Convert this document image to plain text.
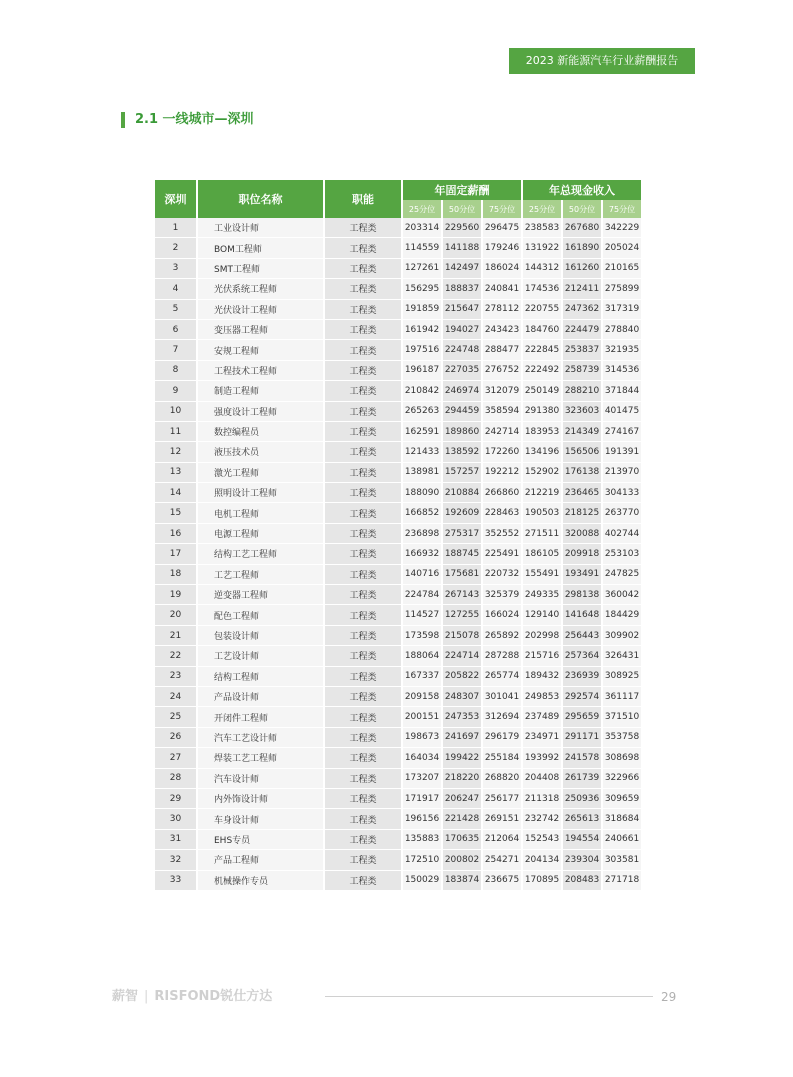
2023 新能源汽车行业薪酬报告
2.1 一线城市—深圳
深圳	职位名称	职能	年固定薪酬			年总现金收入		
			25分位	50分位	75分位	25分位	50分位	75分位
1	工业设计师	工程类	203314	229560	296475	238583	267680	342229
2	BOM工程师	工程类	114559	141188	179246	131922	161890	205024
3	SMT工程师	工程类	127261	142497	186024	144312	161260	210165
4	光伏系统工程师	工程类	156295	188837	240841	174536	212411	275899
5	光伏设计工程师	工程类	191859	215647	278112	220755	247362	317319
6	变压器工程师	工程类	161942	194027	243423	184760	224479	278840
7	安规工程师	工程类	197516	224748	288477	222845	253837	321935
8	工程技术工程师	工程类	196187	227035	276752	222492	258739	314536
9	制造工程师	工程类	210842	246974	312079	250149	288210	371844
10	强度设计工程师	工程类	265263	294459	358594	291380	323603	401475
11	数控编程员	工程类	162591	189860	242714	183953	214349	274167
12	液压技术员	工程类	121433	138592	172260	134196	156506	191391
13	激光工程师	工程类	138981	157257	192212	152902	176138	213970
14	照明设计工程师	工程类	188090	210884	266860	212219	236465	304133
15	电机工程师	工程类	166852	192609	228463	190503	218125	263770
16	电源工程师	工程类	236898	275317	352552	271511	320088	402744
17	结构工艺工程师	工程类	166932	188745	225491	186105	209918	253103
18	工艺工程师	工程类	140716	175681	220732	155491	193491	247825
19	逆变器工程师	工程类	224784	267143	325379	249335	298138	360042
20	配色工程师	工程类	114527	127255	166024	129140	141648	184429
21	包装设计师	工程类	173598	215078	265892	202998	256443	309902
22	工艺设计师	工程类	188064	224714	287288	215716	257364	326431
23	结构工程师	工程类	167337	205822	265774	189432	236939	308925
24	产品设计师	工程类	209158	248307	301041	249853	292574	361117
25	开闭件工程师	工程类	200151	247353	312694	237489	295659	371510
26	汽车工艺设计师	工程类	198673	241697	296179	234971	291171	353758
27	焊装工艺工程师	工程类	164034	199422	255184	193992	241578	308698
28	汽车设计师	工程类	173207	218220	268820	204408	261739	322966
29	内外饰设计师	工程类	171917	206247	256177	211318	250936	309659
30	车身设计师	工程类	196156	221428	269151	232742	265613	318684
31	EHS专员	工程类	135883	170635	212064	152543	194554	240661
32	产品工程师	工程类	172510	200802	254271	204134	239304	303581
33	机械操作专员	工程类	150029	183874	236675	170895	208483	271718
薪智 | RISFOND锐仕方达	29
